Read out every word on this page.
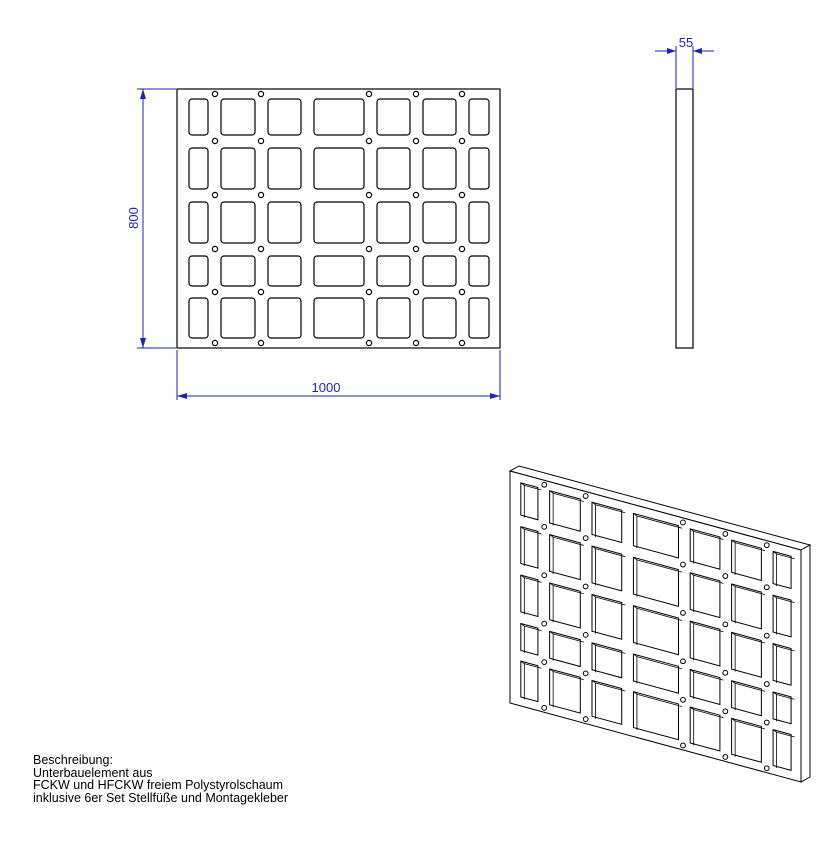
1000
800
55
Beschreibung:
Unterbauelement aus
FCKW und HFCKW freiem Polystyrolschaum
inklusive 6er Set Stellfüße und Montagekleber
